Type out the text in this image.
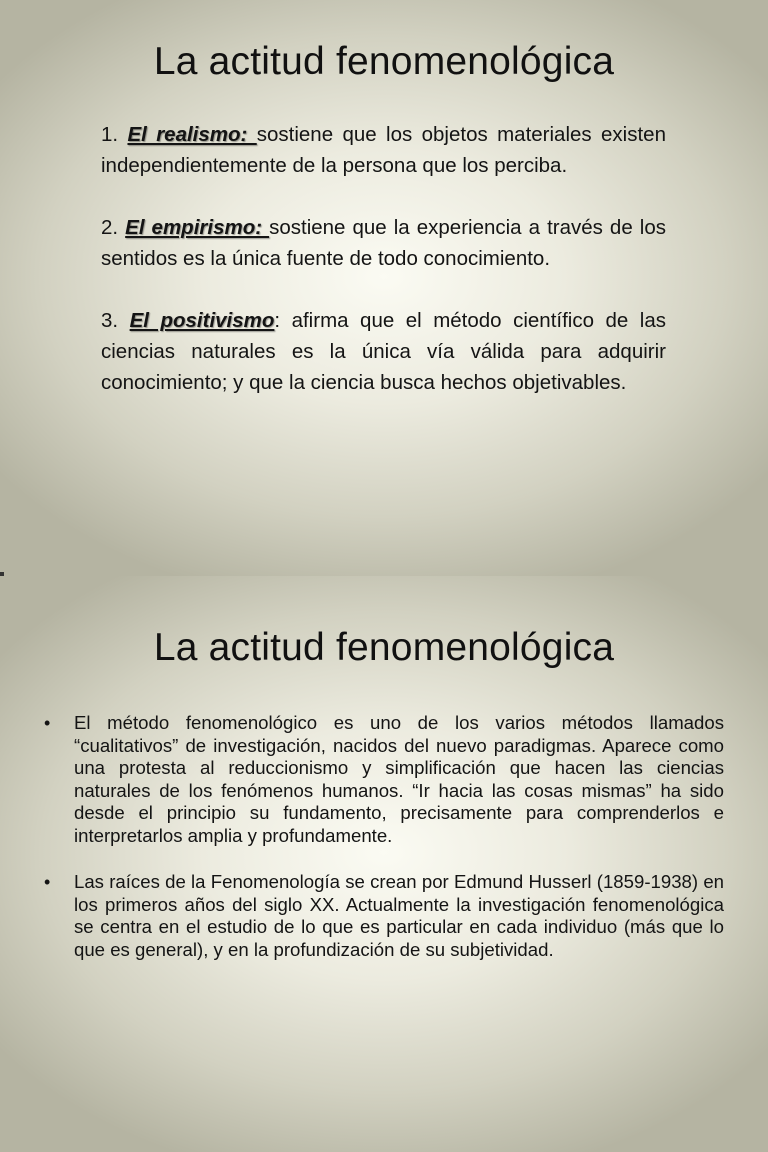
La actitud fenomenológica

1. El realismo: sostiene que los objetos materiales existen independientemente de la persona que los perciba.

2. El empirismo: sostiene que la experiencia a través de los sentidos es la única fuente de todo conocimiento.

3. El positivismo: afirma que el método científico de las ciencias naturales es la única vía válida para adquirir conocimiento; y que la ciencia busca hechos objetivables.

La actitud fenomenológica
• El método fenomenológico es uno de los varios métodos llamados “cualitativos” de investigación, nacidos del nuevo paradigmas. Aparece como una protesta al reduccionismo y simplificación que hacen las ciencias naturales de los fenómenos humanos. “Ir hacia las cosas mismas” ha sido desde el principio su fundamento, precisamente para comprenderlos e interpretarlos amplia y profundamente.
• Las raíces de la Fenomenología se crean por Edmund Husserl (1859-1938) en los primeros años del siglo XX. Actualmente la investigación fenomenológica se centra en el estudio de lo que es particular en cada individuo (más que lo que es general), y en la profundización de su subjetividad.
